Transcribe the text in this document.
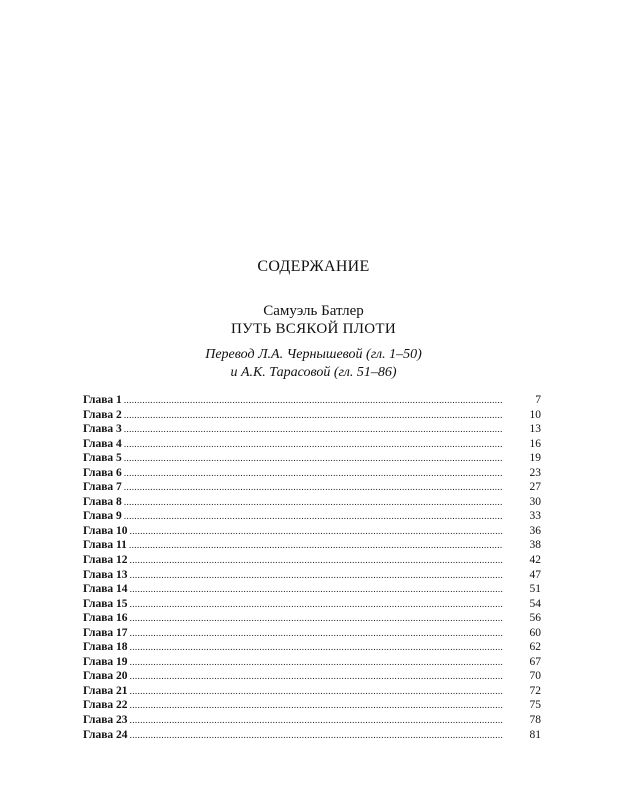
СОДЕРЖАНИЕ
Самуэль Батлер
ПУТЬ ВСЯКОЙ ПЛОТИ
Перевод Л.А. Чернышевой (гл. 1–50)
и А.К. Тарасовой (гл. 51–86)
Глава 1 .....	7
Глава 2 .....	10
Глава 3 .....	13
Глава 4 .....	16
Глава 5 .....	19
Глава 6 .....	23
Глава 7 .....	27
Глава 8 .....	30
Глава 9 .....	33
Глава 10 .....	36
Глава 11 .....	38
Глава 12 .....	42
Глава 13 .....	47
Глава 14 .....	51
Глава 15 .....	54
Глава 16 .....	56
Глава 17 .....	60
Глава 18 .....	62
Глава 19 .....	67
Глава 20 .....	70
Глава 21 .....	72
Глава 22 .....	75
Глава 23 .....	78
Глава 24 .....	81
